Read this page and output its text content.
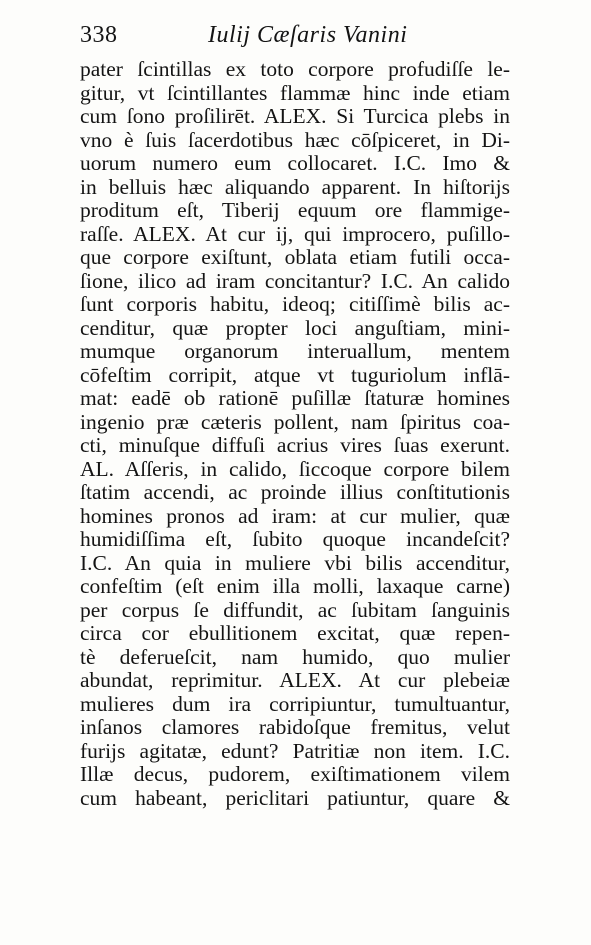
338	Iulij Cæſaris Vanini
pater ſcintillas ex toto corpore profudiſſe le-
gitur, vt ſcintillantes flammæ hinc inde etiam
cum ſono proſilirēt. ALEX. Si Turcica plebs in
vno è ſuis ſacerdotibus hæc cōſpiceret, in Di-
uorum numero eum collocaret. I.C. Imo &
in belluis hæc aliquando apparent. In hiſtorijs
proditum eſt, Tiberij equum ore flammige-
raſſe. ALEX. At cur ij, qui improcero, puſillo-
que corpore exiſtunt, oblata etiam futili occa-
ſione, ilico ad iram concitantur? I.C. An calido
ſunt corporis habitu, ideoq; citiſſimè bilis ac-
cenditur, quæ propter loci anguſtiam, mini-
mumque organorum interuallum, mentem
cōfeſtim corripit, atque vt tuguriolum inflā-
mat: eadē ob rationē puſillæ ſtaturæ homines
ingenio præ cæteris pollent, nam ſpiritus coa-
cti, minuſque diffuſi acrius vires ſuas exerunt.
AL. Aſſeris, in calido, ſiccoque corpore bilem
ſtatim accendi, ac proinde illius conſtitutionis
homines pronos ad iram: at cur mulier, quæ
humidiſſima eſt, ſubito quoque incandeſcit?
I.C. An quia in muliere vbi bilis accenditur,
confeſtim (eſt enim illa molli, laxaque carne)
per corpus ſe diffundit, ac ſubitam ſanguinis
circa cor ebullitionem excitat, quæ repen-
tè deferueſcit, nam humido, quo mulier
abundat, reprimitur. ALEX. At cur plebeiæ
mulieres dum ira corripiuntur, tumultuantur,
inſanos clamores rabidoſque fremitus, velut
furijs agitatæ, edunt? Patritiæ non item. I.C.
Illæ decus, pudorem, exiſtimationem vilem
cum habeant, periclitari patiuntur, quare &
